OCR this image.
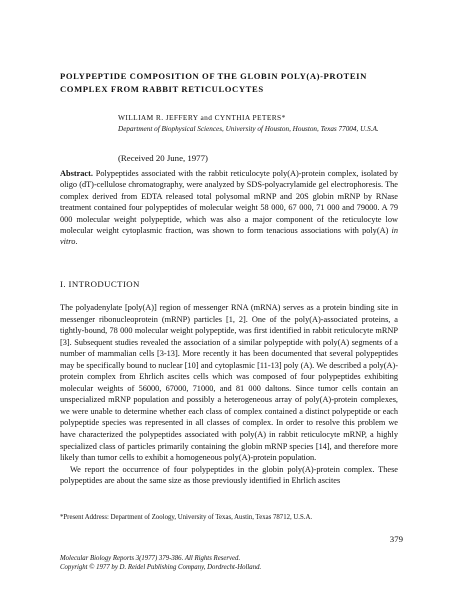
POLYPEPTIDE COMPOSITION OF THE GLOBIN POLY(A)-PROTEIN COMPLEX FROM RABBIT RETICULOCYTES
WILLIAM R. JEFFERY and CYNTHIA PETERS*
Department of Biophysical Sciences, University of Houston, Houston, Texas 77004, U.S.A.
(Received 20 June, 1977)

Abstract. Polypeptides associated with the rabbit reticulocyte poly(A)-protein complex, isolated by oligo (dT)-cellulose chromatography, were analyzed by SDS-polyacrylamide gel electrophoresis. The complex derived from EDTA released total polysomal mRNP and 20S globin mRNP by RNase treatment contained four polypeptides of molecular weight 58 000, 67 000, 71 000 and 79000. A 79 000 molecular weight polypeptide, which was also a major component of the reticulocyte low molecular weight cytoplasmic fraction, was shown to form tenacious associations with poly(A) in vitro.

I. INTRODUCTION

The polyadenylate [poly(A)] region of messenger RNA (mRNA) serves as a protein binding site in messenger ribonucleoprotein (mRNP) particles [1, 2]. One of the poly(A)-associated proteins, a tightly-bound, 78 000 molecular weight polypeptide, was first identified in rabbit reticulocyte mRNP [3]. Subsequent studies revealed the association of a similar polypeptide with poly(A) segments of a number of mammalian cells [3-13]. More recently it has been documented that several polypeptides may be specifically bound to nuclear [10] and cytoplasmic [11-13] poly (A). We described a poly(A)-protein complex from Ehrlich ascites cells which was composed of four polypeptides exhibiting molecular weights of 56000, 67000, 71000, and 81 000 daltons. Since tumor cells contain an unspecialized mRNP population and possibly a heterogeneous array of poly(A)-protein complexes, we were unable to determine whether each class of complex contained a distinct polypeptide or each polypeptide species was represented in all classes of complex. In order to resolve this problem we have characterized the polypeptides associated with poly(A) in rabbit reticulocyte mRNP, a highly specialized class of particles primarily containing the globin mRNP species [14], and therefore more likely than tumor cells to exhibit a homogeneous poly(A)-protein population.

We report the occurrence of four polypeptides in the globin poly(A)-protein complex. These polypeptides are about the same size as those previously identified in Ehrlich ascites

*Present Address: Department of Zoology, University of Texas, Austin, Texas 78712, U.S.A.
379
Molecular Biology Reports 3(1977) 379-386. All Rights Reserved.
Copyright © 1977 by D. Reidel Publishing Company, Dordrecht-Holland.
